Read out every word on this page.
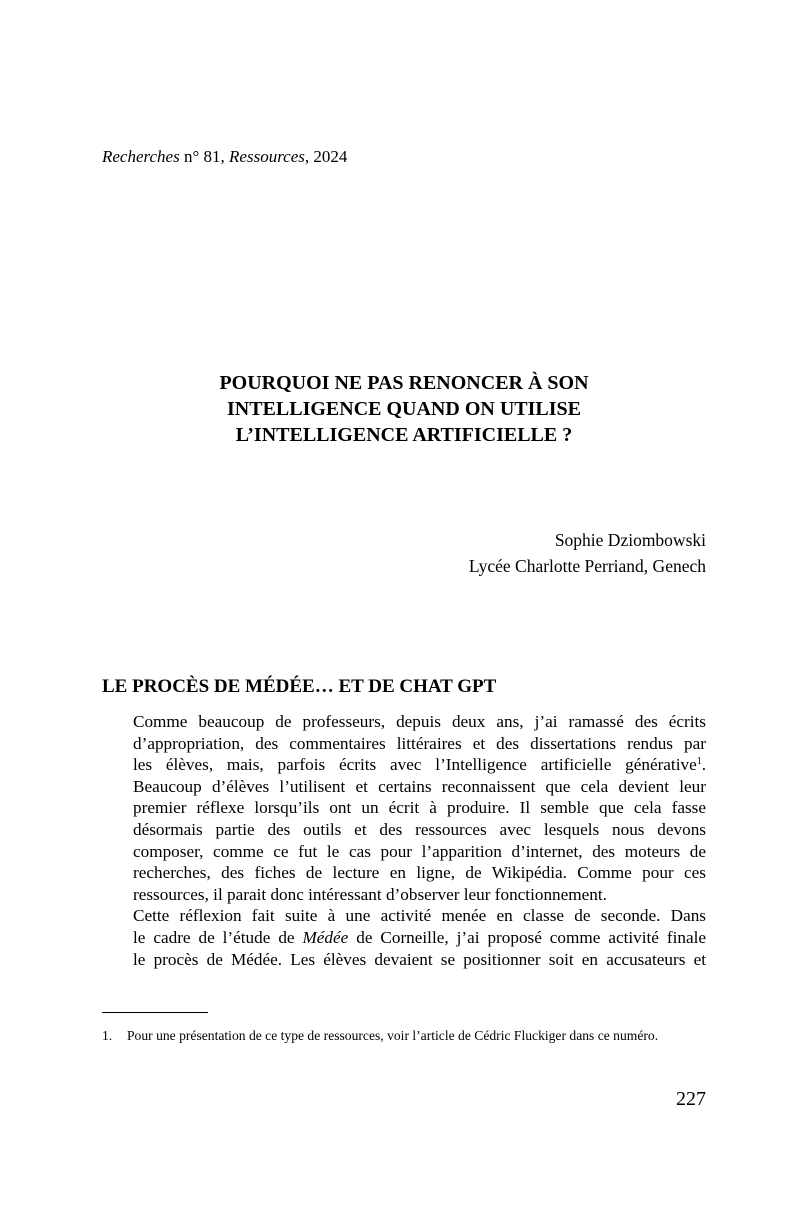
Recherches n° 81, Ressources, 2024
POURQUOI NE PAS RENONCER À SON
INTELLIGENCE QUAND ON UTILISE
L’INTELLIGENCE ARTIFICIELLE ?
Sophie Dziombowski
Lycée Charlotte Perriand, Genech
LE PROCÈS DE MÉDÉE… ET DE CHAT GPT

Comme beaucoup de professeurs, depuis deux ans, j’ai ramassé des écrits
d’appropriation, des commentaires littéraires et des dissertations rendus par
les élèves, mais, parfois écrits avec l’Intelligence artificielle générative$^1$.
Beaucoup d’élèves l’utilisent et certains reconnaissent que cela devient leur
premier réflexe lorsqu’ils ont un écrit à produire. Il semble que cela fasse
désormais partie des outils et des ressources avec lesquels nous devons
composer, comme ce fut le cas pour l’apparition d’internet, des moteurs de
recherches, des fiches de lecture en ligne, de Wikipédia. Comme pour ces
ressources, il parait donc intéressant d’observer leur fonctionnement.

Cette réflexion fait suite à une activité menée en classe de seconde. Dans
le cadre de l’étude de Médée de Corneille, j’ai proposé comme activité finale
le procès de Médée. Les élèves devaient se positionner soit en accusateurs et

1. Pour une présentation de ce type de ressources, voir l’article de Cédric Fluckiger dans ce numéro.
227
